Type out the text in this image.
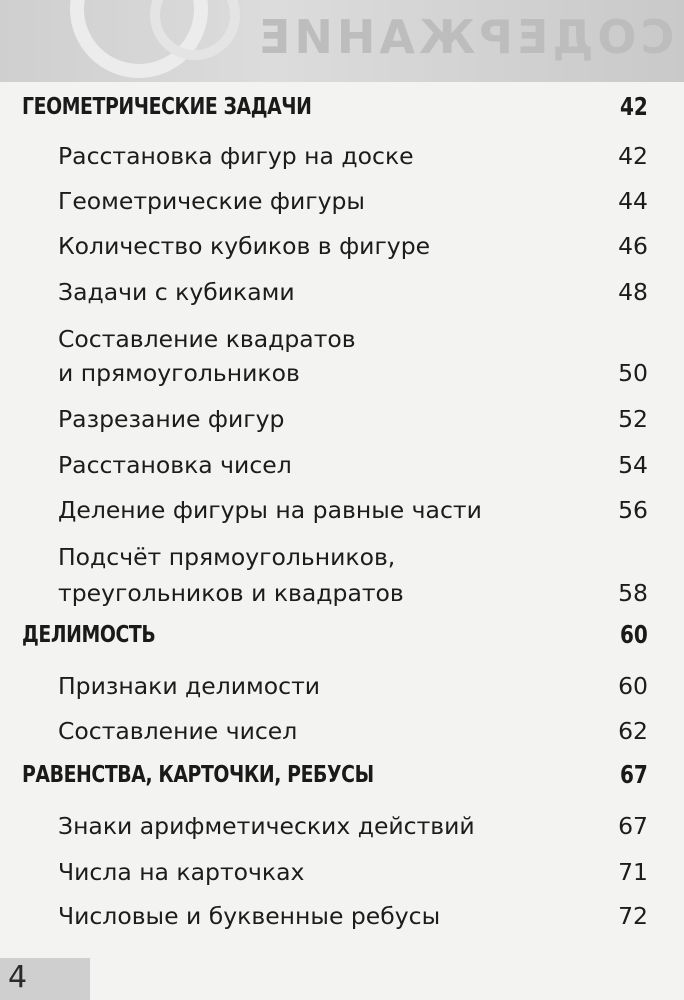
СОДЕРЖАНИЕ
ГЕОМЕТРИЧЕСКИЕ ЗАДАЧИ	42
Расстановка фигур на доске	42
Геометрические фигуры	44
Количество кубиков в фигуре	46
Задачи с кубиками	48
Составление квадратов
и прямоугольников	50
Разрезание фигур	52
Расстановка чисел	54
Деление фигуры на равные части	56
Подсчёт прямоугольников,
треугольников и квадратов	58
ДЕЛИМОСТЬ	60
Признаки делимости	60
Составление чисел	62
РАВЕНСТВА, КАРТОЧКИ, РЕБУСЫ	67
Знаки арифметических действий	67
Числа на карточках	71
Числовые и буквенные ребусы	72
4
